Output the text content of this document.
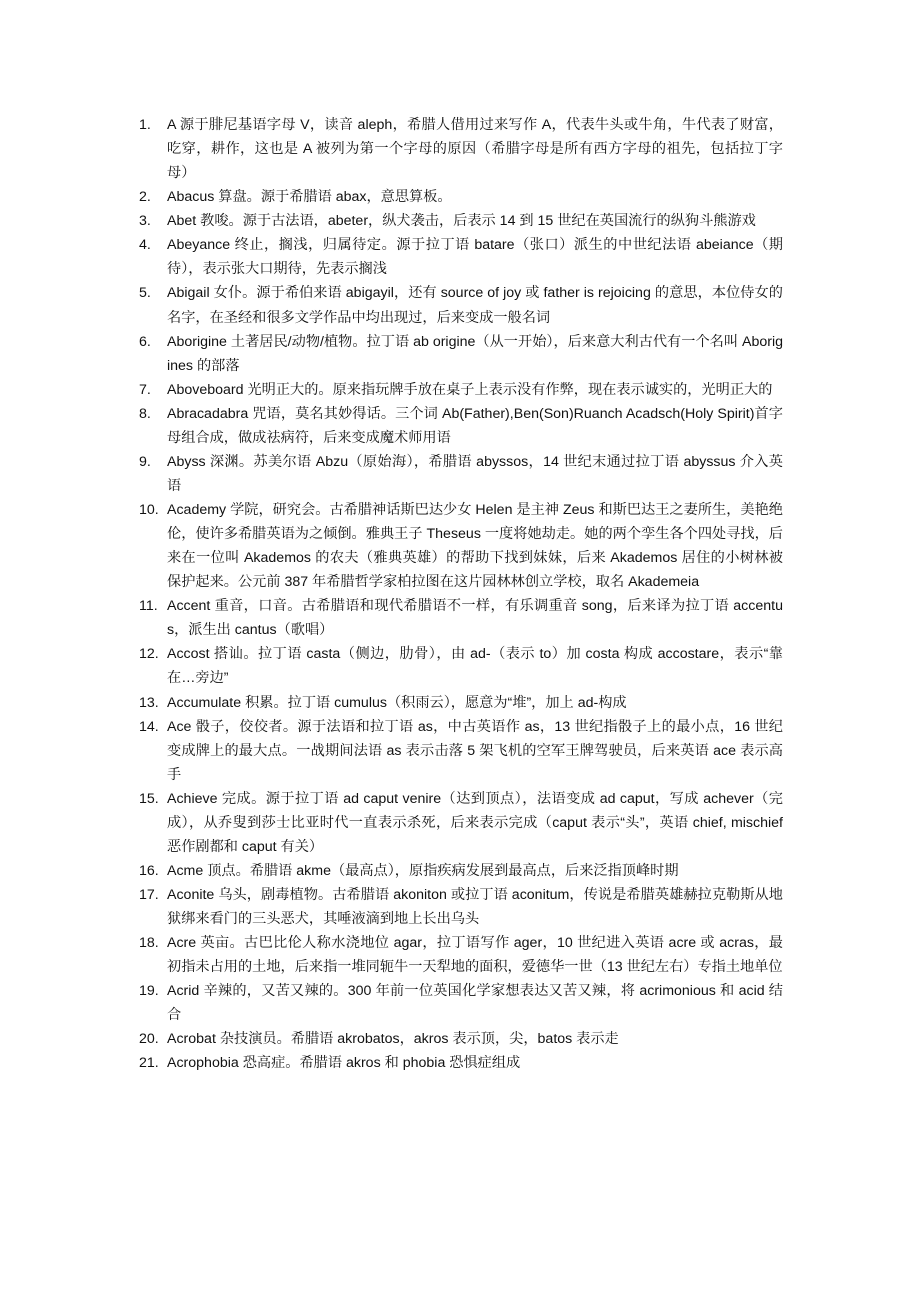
1.	A 源于腓尼基语字母 V，读音 aleph，希腊人借用过来写作 A，代表牛头或牛角，牛代表了财富，吃穿，耕作，这也是 A 被列为第一个字母的原因（希腊字母是所有西方字母的祖先，包括拉丁字母）
2.	Abacus 算盘。源于希腊语 abax，意思算板。
3.	Abet 教唆。源于古法语，abeter，纵犬袭击，后表示 14 到 15 世纪在英国流行的纵狗斗熊游戏
4.	Abeyance 终止，搁浅，归属待定。源于拉丁语 batare（张口）派生的中世纪法语 abeiance（期待），表示张大口期待，先表示搁浅
5.	Abigail 女仆。源于希伯来语 abigayil，还有 source of joy 或 father is rejoicing 的意思，本位侍女的名字，在圣经和很多文学作品中均出现过，后来变成一般名词
6.	Aborigine 土著居民/动物/植物。拉丁语 ab origine（从一开始），后来意大利古代有一个名叫 Aborigines 的部落
7.	Aboveboard 光明正大的。原来指玩牌手放在桌子上表示没有作弊，现在表示诚实的，光明正大的
8.	Abracadabra 咒语，莫名其妙得话。三个词 Ab(Father),Ben(Son)Ruanch Acadsch(Holy Spirit)首字母组合成，做成祛病符，后来变成魔术师用语
9.	Abyss 深渊。苏美尔语 Abzu（原始海），希腊语 abyssos，14 世纪末通过拉丁语 abyssus 介入英语
10. Academy 学院，研究会。古希腊神话斯巴达少女 Helen 是主神 Zeus 和斯巴达王之妻所生，美艳绝伦，使许多希腊英语为之倾倒。雅典王子 Theseus 一度将她劫走。她的两个孪生各个四处寻找，后来在一位叫 Akademos 的农夫（雅典英雄）的帮助下找到妹妹，后来 Akademos 居住的小树林被保护起来。公元前 387 年希腊哲学家柏拉图在这片园林林创立学校，取名 Akademeia
11. Accent 重音，口音。古希腊语和现代希腊语不一样，有乐调重音 song，后来译为拉丁语 accentus，派生出 cantus（歌唱）
12. Accost 搭讪。拉丁语 casta（侧边，肋骨），由 ad-（表示 to）加 costa 构成 accostare，表示“靠在…旁边”
13. Accumulate 积累。拉丁语 cumulus（积雨云），愿意为“堆”，加上 ad-构成
14. Ace 骰子，佼佼者。源于法语和拉丁语 as，中古英语作 as，13 世纪指骰子上的最小点，16 世纪变成牌上的最大点。一战期间法语 as 表示击落 5 架飞机的空军王牌驾驶员，后来英语 ace 表示高手
15. Achieve 完成。源于拉丁语 ad caput venire（达到顶点），法语变成 ad caput，写成 achever（完成），从乔叟到莎士比亚时代一直表示杀死，后来表示完成（caput 表示“头”，英语 chief, mischief 恶作剧都和 caput 有关）
16. Acme 顶点。希腊语 akme（最高点），原指疾病发展到最高点，后来泛指顶峰时期
17. Aconite 乌头，剧毒植物。古希腊语 akoniton 或拉丁语 aconitum，传说是希腊英雄赫拉克勒斯从地狱绑来看门的三头恶犬，其唾液滴到地上长出乌头
18. Acre 英亩。古巴比伦人称水浇地位 agar，拉丁语写作 ager，10 世纪进入英语 acre 或 acras，最初指未占用的土地，后来指一堆同轭牛一天犁地的面积，爱德华一世（13 世纪左右）专指土地单位
19. Acrid 辛辣的，又苦又辣的。300 年前一位英国化学家想表达又苦又辣，将 acrimonious 和 acid 结合
20. Acrobat 杂技演员。希腊语 akrobatos，akros 表示顶，尖，batos 表示走
21. Acrophobia 恐高症。希腊语 akros 和 phobia 恐惧症组成
